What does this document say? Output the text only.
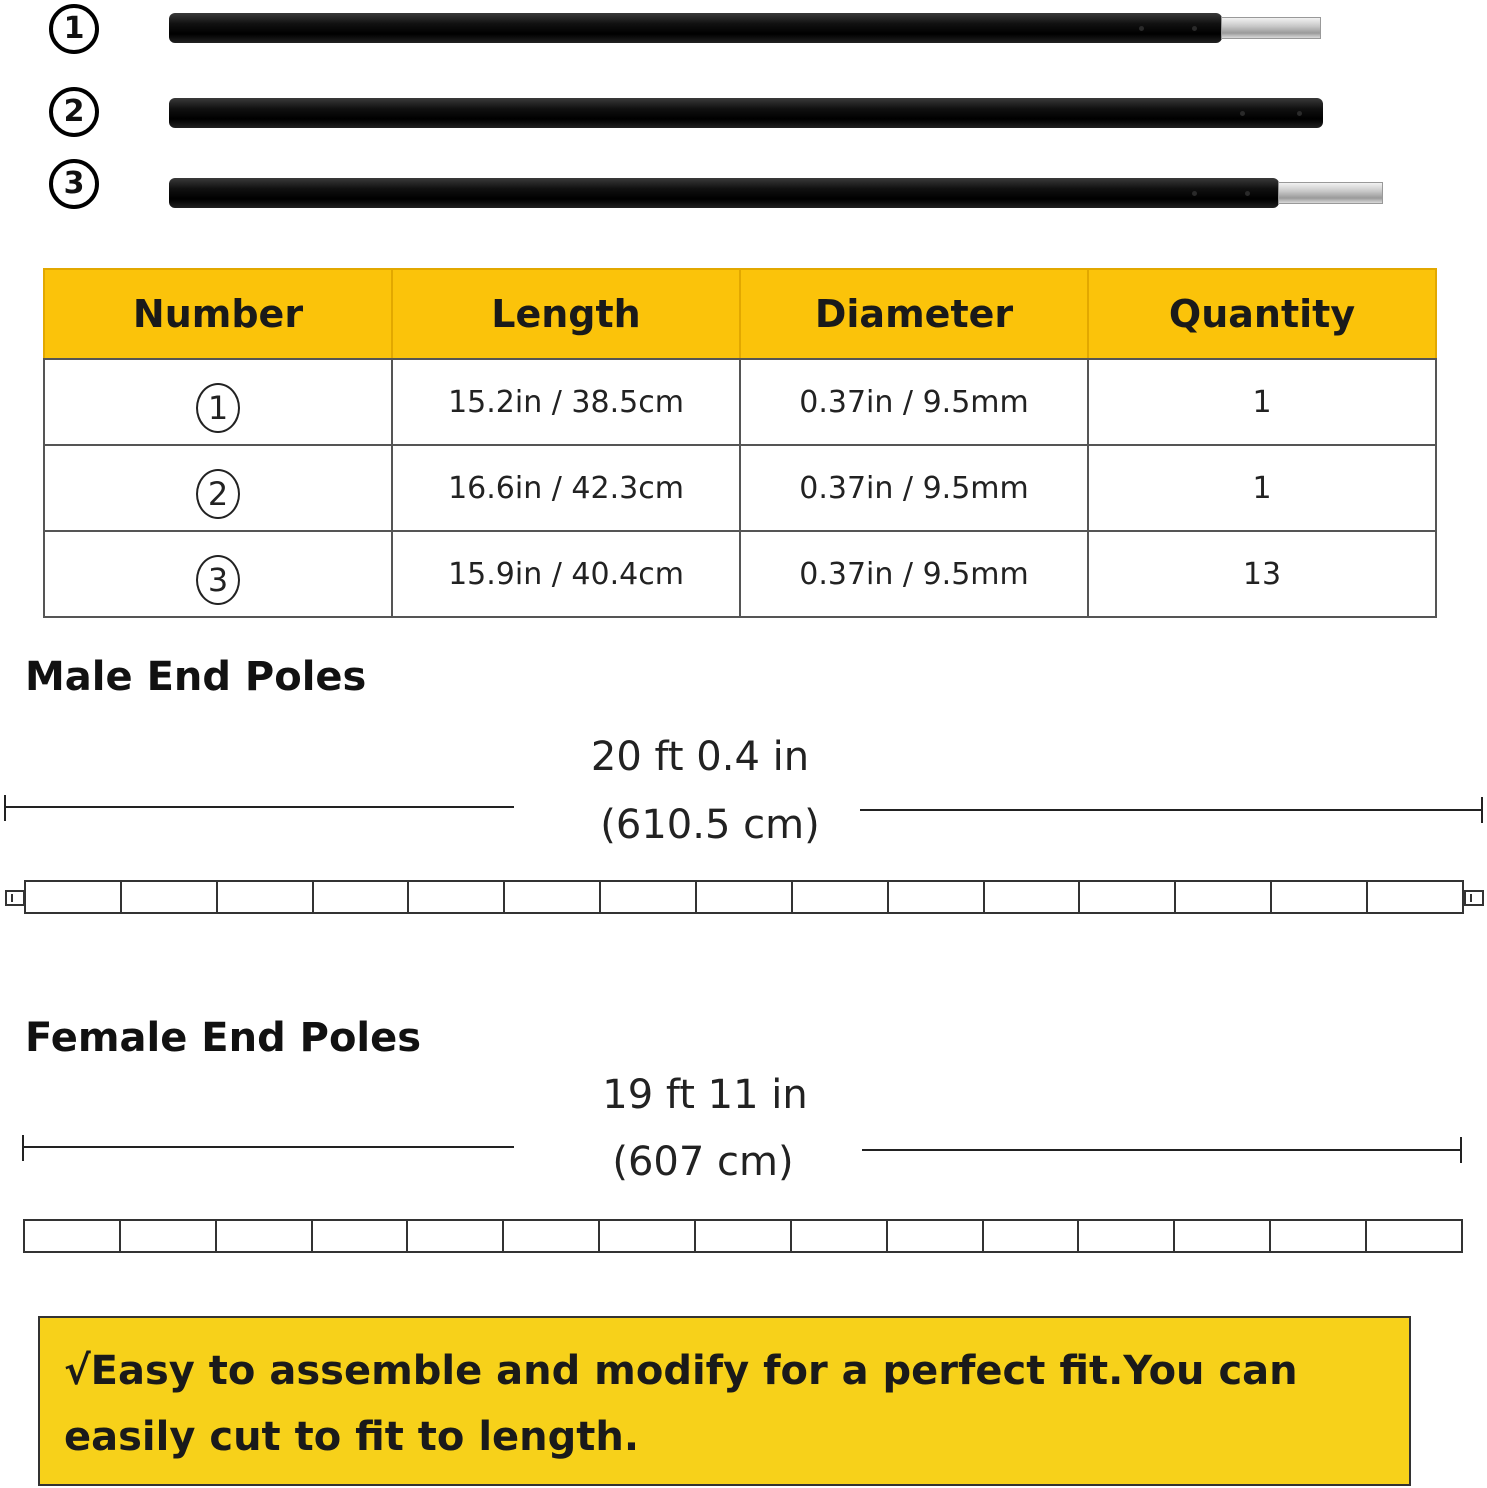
1
2
3
Number	Length	Diameter	Quantity
1	15.2in / 38.5cm	0.37in / 9.5mm	1
2	16.6in / 42.3cm	0.37in / 9.5mm	1
3	15.9in / 40.4cm	0.37in / 9.5mm	13
Male End Poles
20 ft 0.4 in
(610.5 cm)
Female End Poles
19 ft 11 in
(607 cm)
√Easy to assemble and modify for a perfect fit.You can easily cut to fit to length.
